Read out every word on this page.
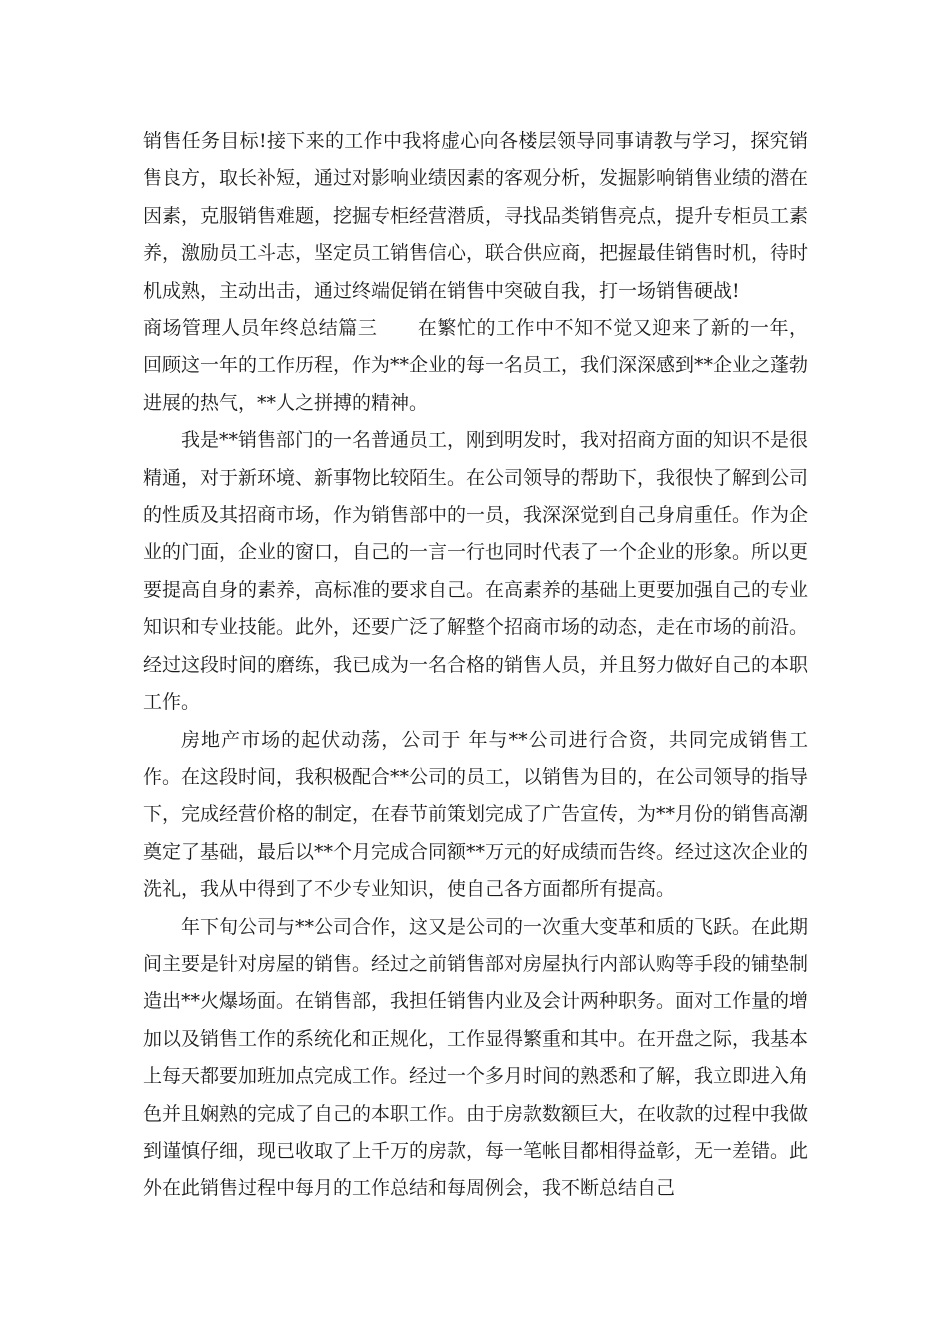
销售任务目标!接下来的工作中我将虚心向各楼层领导同事请教与学习，探究销售良方，取长补短，通过对影响业绩因素的客观分析，发掘影响销售业绩的潜在因素，克服销售难题，挖掘专柜经营潜质，寻找品类销售亮点，提升专柜员工素养，激励员工斗志，坚定员工销售信心，联合供应商，把握最佳销售时机，待时机成熟，主动出击，通过终端促销在销售中突破自我，打一场销售硬战!

商场管理人员年终总结篇三 在繁忙的工作中不知不觉又迎来了新的一年，回顾这一年的工作历程，作为**企业的每一名员工，我们深深感到**企业之蓬勃进展的热气，**人之拼搏的精神。

我是**销售部门的一名普通员工，刚到明发时，我对招商方面的知识不是很精通，对于新环境、新事物比较陌生。在公司领导的帮助下，我很快了解到公司的性质及其招商市场，作为销售部中的一员，我深深觉到自己身肩重任。作为企业的门面，企业的窗口，自己的一言一行也同时代表了一个企业的形象。所以更要提高自身的素养，高标准的要求自己。在高素养的基础上更要加强自己的专业知识和专业技能。此外，还要广泛了解整个招商市场的动态，走在市场的前沿。经过这段时间的磨练，我已成为一名合格的销售人员，并且努力做好自己的本职工作。

房地产市场的起伏动荡，公司于 年与**公司进行合资，共同完成销售工作。在这段时间，我积极配合**公司的员工，以销售为目的，在公司领导的指导下，完成经营价格的制定，在春节前策划完成了广告宣传，为**月份的销售高潮奠定了基础，最后以**个月完成合同额**万元的好成绩而告终。经过这次企业的洗礼，我从中得到了不少专业知识，使自己各方面都所有提高。

年下旬公司与**公司合作，这又是公司的一次重大变革和质的飞跃。在此期间主要是针对房屋的销售。经过之前销售部对房屋执行内部认购等手段的铺垫制造出**火爆场面。在销售部，我担任销售内业及会计两种职务。面对工作量的增加以及销售工作的系统化和正规化，工作显得繁重和其中。在开盘之际，我基本上每天都要加班加点完成工作。经过一个多月时间的熟悉和了解，我立即进入角色并且娴熟的完成了自己的本职工作。由于房款数额巨大，在收款的过程中我做到谨慎仔细，现已收取了上千万的房款，每一笔帐目都相得益彰，无一差错。此外在此销售过程中每月的工作总结和每周例会，我不断总结自己
